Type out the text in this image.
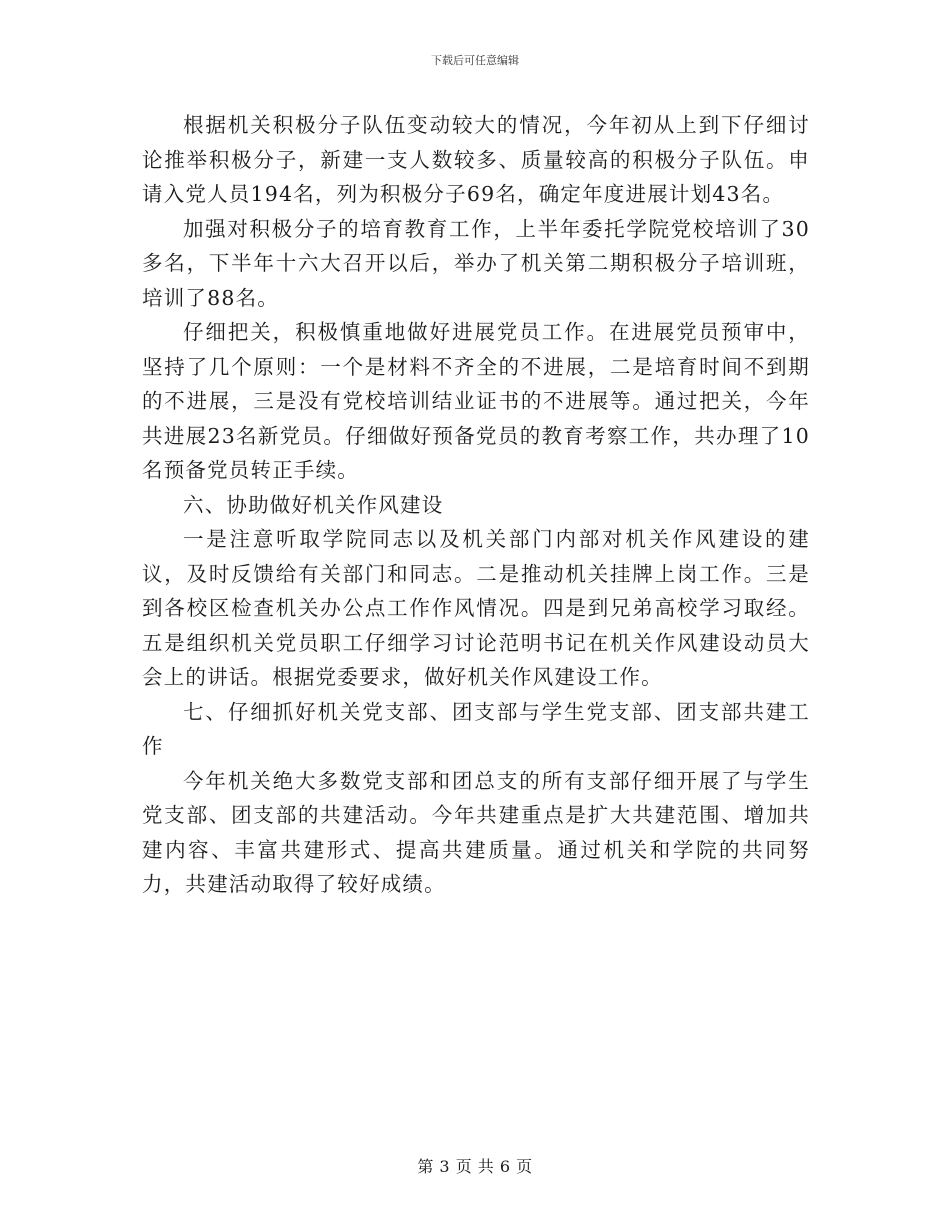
下载后可任意编辑

根据机关积极分子队伍变动较大的情况，今年初从上到下仔细讨论推举积极分子，新建一支人数较多、质量较高的积极分子队伍。申请入党人员194名，列为积极分子69名，确定年度进展计划43名。

加强对积极分子的培育教育工作，上半年委托学院党校培训了30多名，下半年十六大召开以后，举办了机关第二期积极分子培训班，培训了88名。

仔细把关，积极慎重地做好进展党员工作。在进展党员预审中，坚持了几个原则：一个是材料不齐全的不进展，二是培育时间不到期的不进展，三是没有党校培训结业证书的不进展等。通过把关，今年共进展23名新党员。仔细做好预备党员的教育考察工作，共办理了10名预备党员转正手续。

六、协助做好机关作风建设

一是注意听取学院同志以及机关部门内部对机关作风建设的建议，及时反馈给有关部门和同志。二是推动机关挂牌上岗工作。三是到各校区检查机关办公点工作作风情况。四是到兄弟高校学习取经。五是组织机关党员职工仔细学习讨论范明书记在机关作风建设动员大会上的讲话。根据党委要求，做好机关作风建设工作。

七、仔细抓好机关党支部、团支部与学生党支部、团支部共建工作

今年机关绝大多数党支部和团总支的所有支部仔细开展了与学生党支部、团支部的共建活动。今年共建重点是扩大共建范围、增加共建内容、丰富共建形式、提高共建质量。通过机关和学院的共同努力，共建活动取得了较好成绩。

第 3 页 共 6 页
